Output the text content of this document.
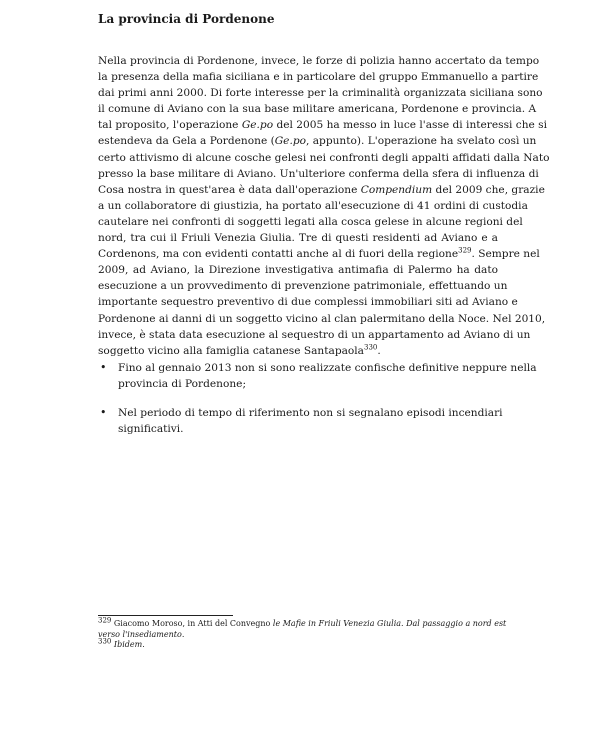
La provincia di Pordenone
Nella provincia di Pordenone, invece, le forze di polizia hanno accertato da tempo
la presenza della mafia siciliana e in particolare del gruppo Emmanuello a partire
dai primi anni 2000. Di forte interesse per la criminalità organizzata siciliana sono
il comune di Aviano con la sua base militare americana, Pordenone e provincia. A
tal proposito, l'operazione Ge.po del 2005 ha messo in luce l'asse di interessi che si
estendeva da Gela a Pordenone (Ge.po, appunto). L'operazione ha svelato così un
certo attivismo di alcune cosche gelesi nei confronti degli appalti affidati dalla Nato
presso la base militare di Aviano. Un'ulteriore conferma della sfera di influenza di
Cosa nostra in quest'area è data dall'operazione Compendium del 2009 che, grazie
a un collaboratore di giustizia, ha portato all'esecuzione di 41 ordini di custodia
cautelare nei confronti di soggetti legati alla cosca gelese in alcune regioni del
nord, tra cui il Friuli Venezia Giulia. Tre di questi residenti ad Aviano e a
Cordenons, ma con evidenti contatti anche al di fuori della regione$^{329}$. Sempre nel
2009, ad Aviano, la Direzione investigativa antimafia di Palermo ha dato
esecuzione a un provvedimento di prevenzione patrimoniale, effettuando un
importante sequestro preventivo di due complessi immobiliari siti ad Aviano e
Pordenone ai danni di un soggetto vicino al clan palermitano della Noce. Nel 2010,
invece, è stata data esecuzione al sequestro di un appartamento ad Aviano di un
soggetto vicino alla famiglia catanese Santapaola$^{330}$.
• Fino al gennaio 2013 non si sono realizzate confische definitive neppure nella
provincia di Pordenone;
• Nel periodo di tempo di riferimento non si segnalano episodi incendiari
significativi.

$^{329}$ Giacomo Moroso, in Atti del Convegno le Mafie in Friuli Venezia Giulia. Dal passaggio a nord est
verso l'insediamento.

$^{330}$ Ibidem.
